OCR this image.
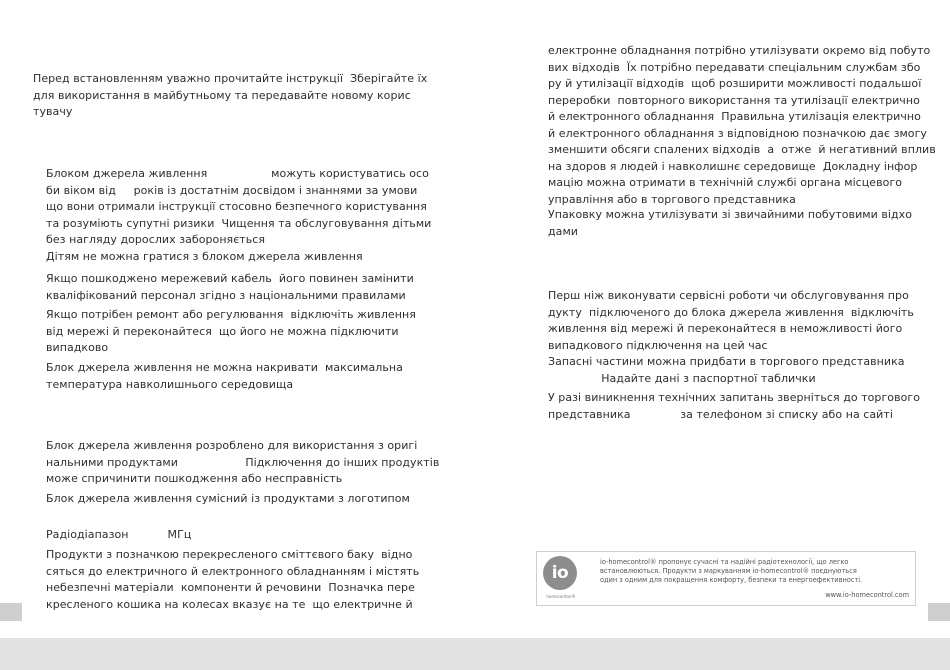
Перед встановленням уважно прочитайте інструкції  Зберігайте їх
для використання в майбутньому та передавайте новому корис
тувачу

Блоком джерела живлення                  можуть користуватись осо
би віком від     років із достатнім досвідом і знаннями за умови
що вони отримали інструкції стосовно безпечного користування
та розуміють супутні ризики  Чищення та обслуговування дітьми
без нагляду дорослих забороняється

Дітям не можна гратися з блоком джерела живлення

Якщо пошкоджено мережевий кабель  його повинен замінити
кваліфікований персонал згідно з національними правилами

Якщо потрібен ремонт або регулювання  відключіть живлення
від мережі й переконайтеся  що його не можна підключити
випадково

Блок джерела живлення не можна накривати  максимальна
температура навколишнього середовища

Блок джерела живлення розроблено для використання з оригі
нальними продуктами                   Підключення до інших продуктів
може спричинити пошкодження або несправність

Блок джерела живлення сумісний із продуктами з логотипом

Радіодіапазон           МГц

Продукти з позначкою перекресленого сміттєвого баку  відно
сяться до електричного й електронного обладнанням і містять
небезпечні матеріали  компоненти й речовини  Позначка пере
кресленого кошика на колесах вказує на те  що електричне й

електронне обладнання потрібно утилізувати окремо від побуто
вих відходів  Їх потрібно передавати спеціальним службам збо
ру й утилізації відходів  щоб розширити можливості подальшої
переробки  повторного використання та утилізації електрично
й електронного обладнання  Правильна утилізація електрично
й електронного обладнання з відповідною позначкою дає змогу
зменшити обсяги спалених відходів  а  отже  й негативний вплив
на здоров я людей і навколишнє середовище  Докладну інфор
мацію можна отримати в технічній службі органа місцевого
управління або в торгового представника

Упаковку можна утилізувати зі звичайними побутовими відхо
дами

Перш ніж виконувати сервісні роботи чи обслуговування про
дукту  підключеного до блока джерела живлення  відключіть
живлення від мережі й переконайтеся в неможливості його
випадкового підключення на цей час

Запасні частини можна придбати в торгового представника
Надайте дані з паспортної таблички

У разі виникнення технічних запитань зверніться до торгового
представника              за телефоном зі списку або на сайті

io
homecontrol®

io-homecontrol® пропонує сучасні та надійні радіотехнології, що легко
встановлюються. Продукти з маркуванням io-homecontrol® поєднуються
один з одним для покращення комфорту, безпеки та енергоефективності.

www.io-homecontrol.com
